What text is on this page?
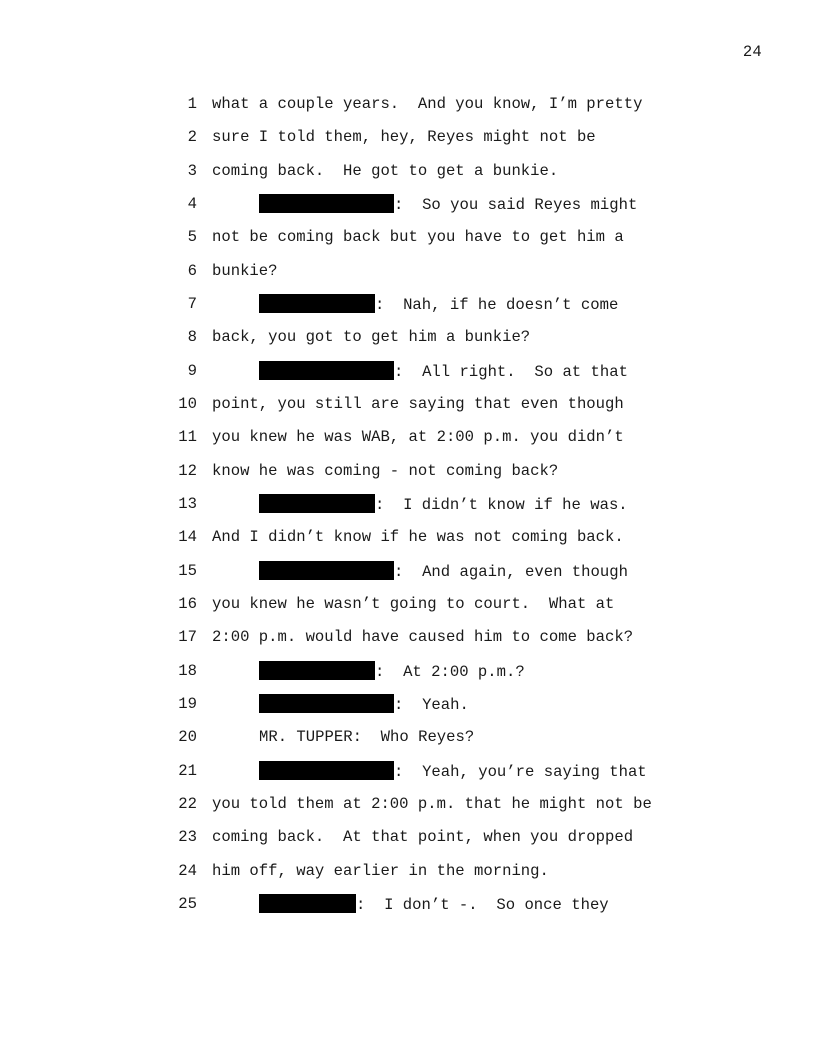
24
1 what a couple years.  And you know, I’m pretty
2 sure I told them, hey, Reyes might not be
3 coming back.  He got to get a bunkie.
4	:  So you said Reyes might
5 not be coming back but you have to get him a
6 bunkie?
7	:  Nah, if he doesn’t come
8 back, you got to get him a bunkie?
9	:  All right.  So at that
10 point, you still are saying that even though
11 you knew he was WAB, at 2:00 p.m. you didn’t
12 know he was coming - not coming back?
13	:  I didn’t know if he was.
14 And I didn’t know if he was not coming back.
15	:  And again, even though
16 you knew he wasn’t going to court.  What at
17 2:00 p.m. would have caused him to come back?
18	:  At 2:00 p.m.?
19	:  Yeah.
20	MR. TUPPER:  Who Reyes?
21	:  Yeah, you’re saying that
22 you told them at 2:00 p.m. that he might not be
23 coming back.  At that point, when you dropped
24 him off, way earlier in the morning.
25	:  I don’t -.  So once they
